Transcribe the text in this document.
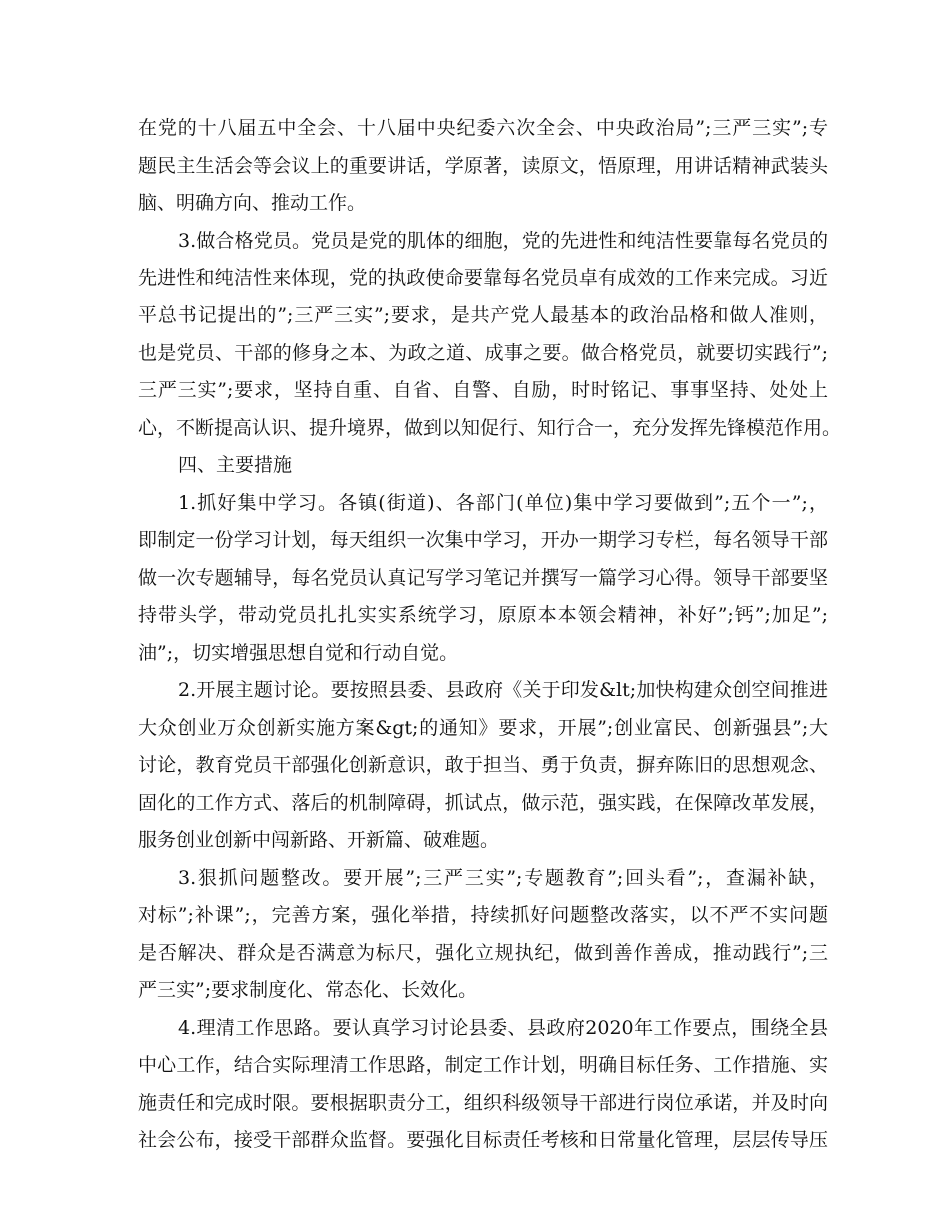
在党的十八届五中全会、十八届中央纪委六次全会、中央政治局”;三严三实”;专
题民主生活会等会议上的重要讲话，学原著，读原文，悟原理，用讲话精神武装头
脑、明确方向、推动工作。
3.做合格党员。党员是党的肌体的细胞，党的先进性和纯洁性要靠每名党员的
先进性和纯洁性来体现，党的执政使命要靠每名党员卓有成效的工作来完成。习近
平总书记提出的”;三严三实”;要求，是共产党人最基本的政治品格和做人准则，
也是党员、干部的修身之本、为政之道、成事之要。做合格党员，就要切实践行”;
三严三实”;要求，坚持自重、自省、自警、自励，时时铭记、事事坚持、处处上
心，不断提高认识、提升境界，做到以知促行、知行合一，充分发挥先锋模范作用。
四、主要措施
1.抓好集中学习。各镇(街道)、各部门(单位)集中学习要做到”;五个一”;，
即制定一份学习计划，每天组织一次集中学习，开办一期学习专栏，每名领导干部
做一次专题辅导，每名党员认真记写学习笔记并撰写一篇学习心得。领导干部要坚
持带头学，带动党员扎扎实实系统学习，原原本本领会精神，补好”;钙”;加足”;
油”;，切实增强思想自觉和行动自觉。
2.开展主题讨论。要按照县委、县政府《关于印发&lt;加快构建众创空间推进
大众创业万众创新实施方案&gt;的通知》要求，开展”;创业富民、创新强县”;大
讨论，教育党员干部强化创新意识，敢于担当、勇于负责，摒弃陈旧的思想观念、
固化的工作方式、落后的机制障碍，抓试点，做示范，强实践，在保障改革发展，
服务创业创新中闯新路、开新篇、破难题。
3.狠抓问题整改。要开展”;三严三实”;专题教育”;回头看”;，查漏补缺，
对标”;补课”;，完善方案，强化举措，持续抓好问题整改落实，以不严不实问题
是否解决、群众是否满意为标尺，强化立规执纪，做到善作善成，推动践行”;三
严三实”;要求制度化、常态化、长效化。
4.理清工作思路。要认真学习讨论县委、县政府2020年工作要点，围绕全县
中心工作，结合实际理清工作思路，制定工作计划，明确目标任务、工作措施、实
施责任和完成时限。要根据职责分工，组织科级领导干部进行岗位承诺，并及时向
社会公布，接受干部群众监督。要强化目标责任考核和日常量化管理，层层传导压
